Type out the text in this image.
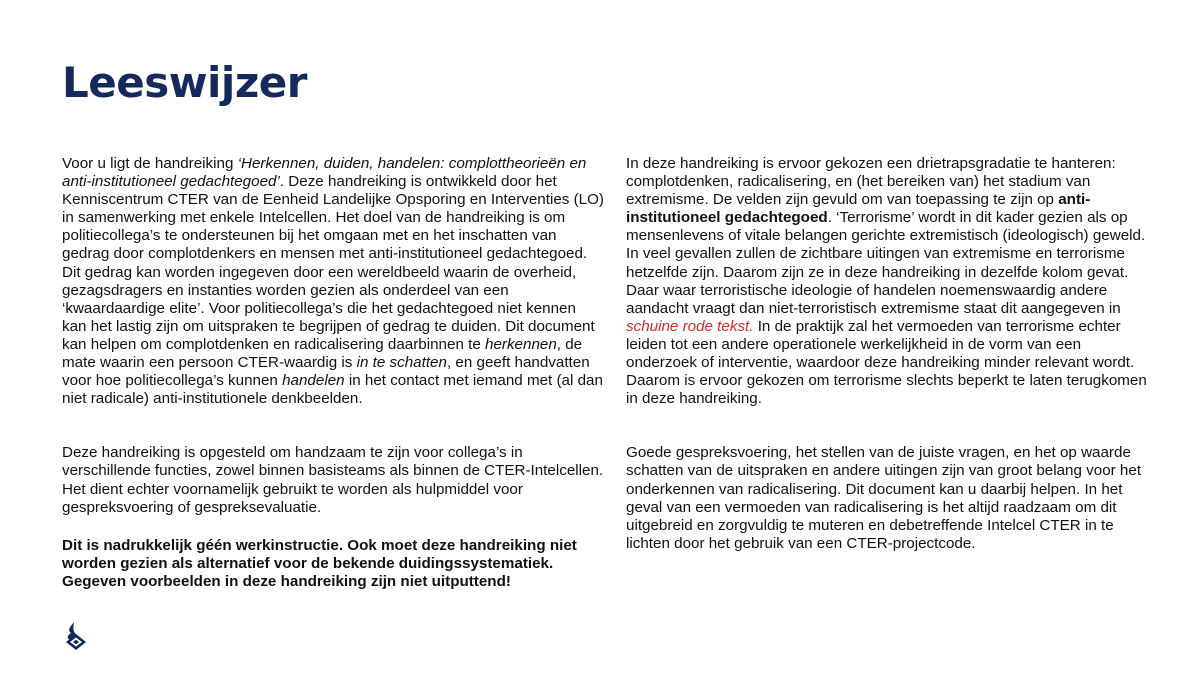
Leeswijzer

Voor u ligt de handreiking ‘Herkennen, duiden, handelen: complottheorieën en anti-institutioneel gedachtegoed’. Deze handreiking is ontwikkeld door het Kenniscentrum CTER van de Eenheid Landelijke Opsporing en Interventies (LO) in samenwerking met enkele Intelcellen. Het doel van de handreiking is om politiecollega’s te ondersteunen bij het omgaan met en het inschatten van gedrag door complotdenkers en mensen met anti-institutioneel gedachtegoed. Dit gedrag kan worden ingegeven door een wereldbeeld waarin de overheid, gezagsdragers en instanties worden gezien als onderdeel van een ‘kwaardaardige elite’. Voor politiecollega’s die het gedachtegoed niet kennen kan het lastig zijn om uitspraken te begrijpen of gedrag te duiden. Dit document kan helpen om complotdenken en radicalisering daarbinnen te herkennen, de mate waarin een persoon CTER-waardig is in te schatten, en geeft handvatten voor hoe politiecollega’s kunnen handelen in het contact met iemand met (al dan niet radicale) anti-institutionele denkbeelden.

Deze handreiking is opgesteld om handzaam te zijn voor collega’s in verschillende functies, zowel binnen basisteams als binnen de CTER-Intelcellen. Het dient echter voornamelijk gebruikt te worden als hulpmiddel voor gespreksvoering of gespreksevaluatie.

Dit is nadrukkelijk géén werkinstructie. Ook moet deze handreiking niet worden gezien als alternatief voor de bekende duidingssystematiek. Gegeven voorbeelden in deze handreiking zijn niet uitputtend!

In deze handreiking is ervoor gekozen een drietrapsgradatie te hanteren: complotdenken, radicalisering, en (het bereiken van) het stadium van extremisme. De velden zijn gevuld om van toepassing te zijn op anti-institutioneel gedachtegoed. ‘Terrorisme’ wordt in dit kader gezien als op mensenlevens of vitale belangen gerichte extremistisch (ideologisch) geweld. In veel gevallen zullen de zichtbare uitingen van extremisme en terrorisme hetzelfde zijn. Daarom zijn ze in deze handreiking in dezelfde kolom gevat. Daar waar terroristische ideologie of handelen noemenswaardig andere aandacht vraagt dan niet-terroristisch extremisme staat dit aangegeven in schuine rode tekst. In de praktijk zal het vermoeden van terrorisme echter leiden tot een andere operationele werkelijkheid in de vorm van een onderzoek of interventie, waardoor deze handreiking minder relevant wordt. Daarom is ervoor gekozen om terrorisme slechts beperkt te laten terugkomen in deze handreiking.

Goede gespreksvoering, het stellen van de juiste vragen, en het op waarde schatten van de uitspraken en andere uitingen zijn van groot belang voor het onderkennen van radicalisering. Dit document kan u daarbij helpen. In het geval van een vermoeden van radicalisering is het altijd raadzaam om dit uitgebreid en zorgvuldig te muteren en debetreffende Intelcel CTER in te lichten door het gebruik van een CTER-projectcode.
